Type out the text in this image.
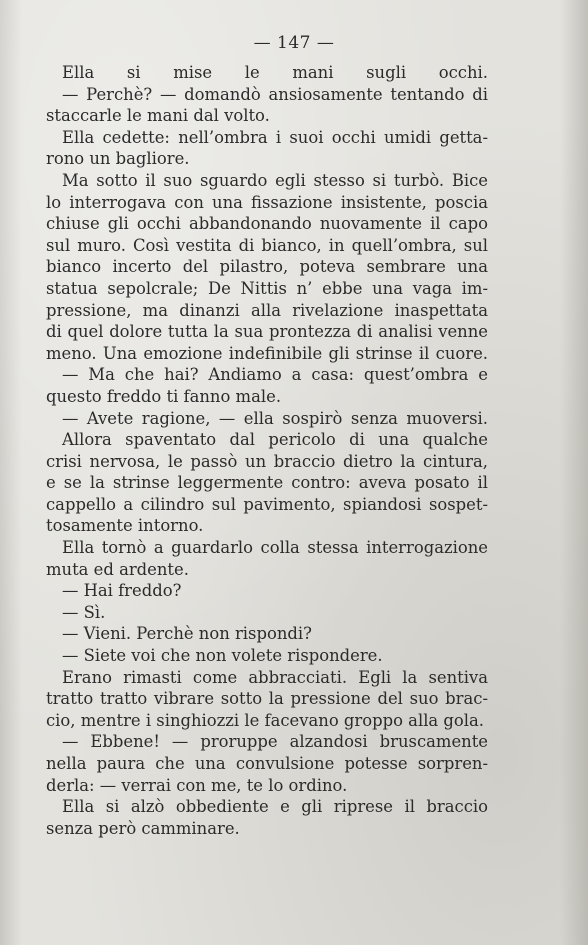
— 147 —
Ella si mise le mani sugli occhi.
— Perchè? — domandò ansiosamente tentando di
staccarle le mani dal volto.
Ella cedette: nell’ombra i suoi occhi umidi getta-
rono un bagliore.
Ma sotto il suo sguardo egli stesso si turbò. Bice
lo interrogava con una fissazione insistente, poscia
chiuse gli occhi abbandonando nuovamente il capo
sul muro. Così vestita di bianco, in quell’ombra, sul
bianco incerto del pilastro, poteva sembrare una
statua sepolcrale; De Nittis n’ ebbe una vaga im-
pressione, ma dinanzi alla rivelazione inaspettata
di quel dolore tutta la sua prontezza di analisi venne
meno. Una emozione indefinibile gli strinse il cuore.
— Ma che hai? Andiamo a casa: quest’ombra e
questo freddo ti fanno male.
— Avete ragione, — ella sospirò senza muoversi.
Allora spaventato dal pericolo di una qualche
crisi nervosa, le passò un braccio dietro la cintura,
e se la strinse leggermente contro: aveva posato il
cappello a cilindro sul pavimento, spiandosi sospet-
tosamente intorno.
Ella tornò a guardarlo colla stessa interrogazione
muta ed ardente.
— Hai freddo?
— Sì.
— Vieni. Perchè non rispondi?
— Siete voi che non volete rispondere.
Erano rimasti come abbracciati. Egli la sentiva
tratto tratto vibrare sotto la pressione del suo brac-
cio, mentre i singhiozzi le facevano groppo alla gola.
— Ebbene! — proruppe alzandosi bruscamente
nella paura che una convulsione potesse sorpren-
derla: — verrai con me, te lo ordino.
Ella si alzò obbediente e gli riprese il braccio
senza però camminare.
